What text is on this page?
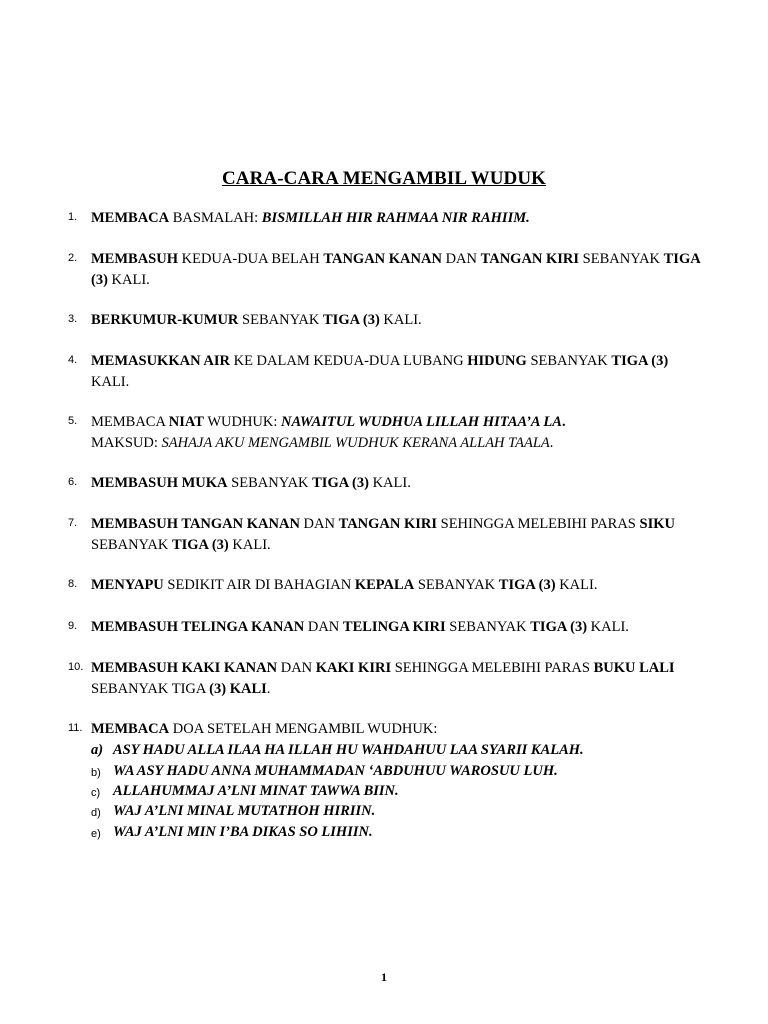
CARA-CARA MENGAMBIL WUDUK
1. MEMBACA BASMALAH: BISMILLAH HIR RAHMAA NIR RAHIIM.
2. MEMBASUH KEDUA-DUA BELAH TANGAN KANAN DAN TANGAN KIRI SEBANYAK TIGA
(3) KALI.
3. BERKUMUR-KUMUR SEBANYAK TIGA (3) KALI.
4. MEMASUKKAN AIR KE DALAM KEDUA-DUA LUBANG HIDUNG SEBANYAK TIGA (3)
KALI.
5. MEMBACA NIAT WUDHUK: NAWAITUL WUDHUA LILLAH HITAA’A LA.
MAKSUD: SAHAJA AKU MENGAMBIL WUDHUK KERANA ALLAH TAALA.
6. MEMBASUH MUKA SEBANYAK TIGA (3) KALI.
7. MEMBASUH TANGAN KANAN DAN TANGAN KIRI SEHINGGA MELEBIHI PARAS SIKU
SEBANYAK TIGA (3) KALI.
8. MENYAPU SEDIKIT AIR DI BAHAGIAN KEPALA SEBANYAK TIGA (3) KALI.
9. MEMBASUH TELINGA KANAN DAN TELINGA KIRI SEBANYAK TIGA (3) KALI.
10. MEMBASUH KAKI KANAN DAN KAKI KIRI SEHINGGA MELEBIHI PARAS BUKU LALI
SEBANYAK TIGA (3) KALI.
11. MEMBACA DOA SETELAH MENGAMBIL WUDHUK:
a) ASY HADU ALLA ILAA HA ILLAH HU WAHDAHUU LAA SYARII KALAH.
b) WA ASY HADU ANNA MUHAMMADAN ‘ABDUHUU WAROSUU LUH.
c) ALLAHUMMAJ A’LNI MINAT TAWWA BIIN.
d) WAJ A’LNI MINAL MUTATHOH HIRIIN.
e) WAJ A’LNI MIN I’BA DIKAS SO LIHIIN.
1
